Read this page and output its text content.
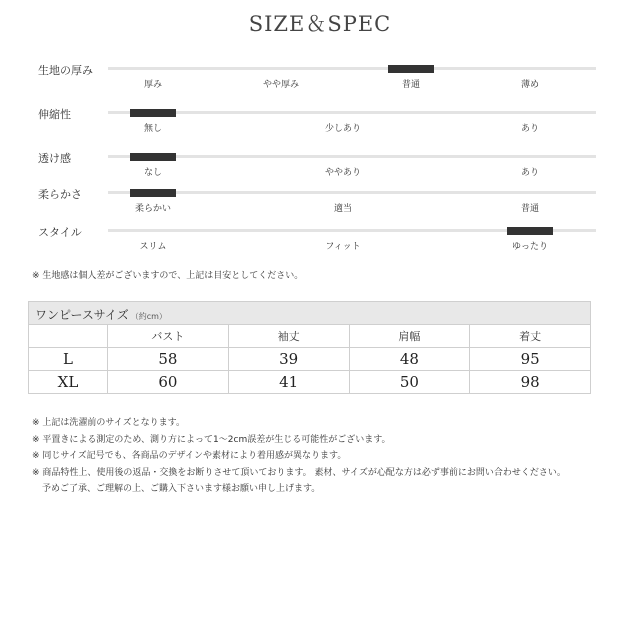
SIZE＆SPEC
生地の厚み
厚み	やや厚み	普通	薄め
伸縮性
無し	少しあり	あり
透け感
なし	ややあり	あり
柔らかさ
柔らかい	適当	普通
スタイル
スリム	フィット	ゆったり
※ 生地感は個人差がございますので、上記は目安としてください。
ワンピースサイズ （約cm）				
	バスト	袖丈	肩幅	着丈
L	58	39	48	95
XL	60	41	50	98
※ 上記は洗濯前のサイズとなります。
※ 平置きによる測定のため、測り方によって1～2cm誤差が生じる可能性がございます。
※ 同じサイズ記号でも、各商品のデザインや素材により着用感が異なります。
※ 商品特性上、使用後の返品・交換をお断りさせて頂いております。 素材、サイズが心配な方は必ず事前にお問い合わせください。
予めご了承、ご理解の上、ご購入下さいます様お願い申し上げます。
